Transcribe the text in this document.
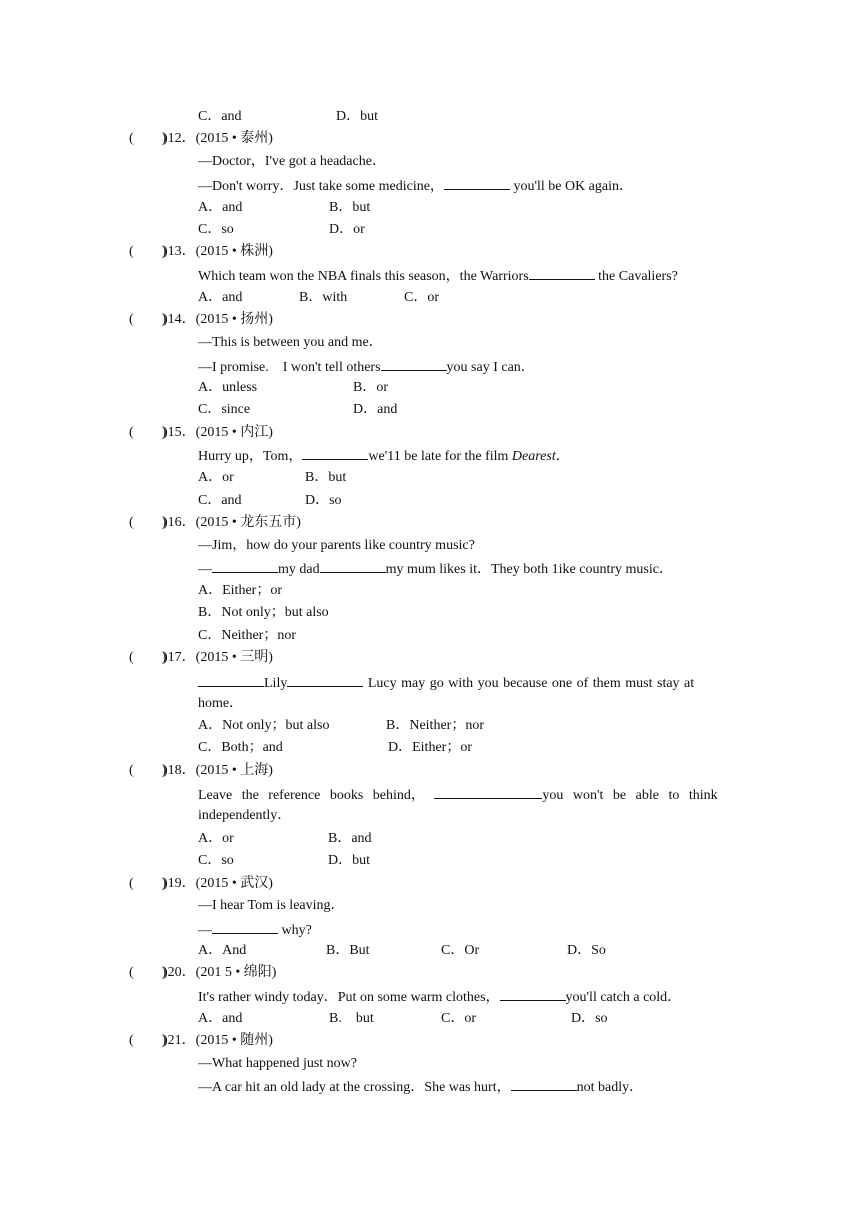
C．and	D．but
(　　)
)12．(2015 • 泰州)
—Doctor，I've got a headache．
—Don't worry．Just take some medicine，	you'll be OK again．
A．and	B．but
C．so	D．or
(　　)
)13．(2015 • 株洲)
Which team won the NBA finals this season，the Warriors	the Cavaliers?
A．and	B．with	C．or
(　　)
)14．(2015 • 扬州)
—This is between you and me．
—I promise.　I won't tell others	you say I can．
A．unless	B．or
C．since	D．and
(　　)
)15．(2015 • 内江)
Hurry up，Tom，	we'11 be late for the film Dearest．
A．or	B．but
C．and	D．so
(　　)
)16．(2015 • 龙东五市)
—Jim，how do your parents like country music?
—	my dad	my mum likes it．They both 1ike country music．
A．Either；or
B．Not only；but also
C．Neither；nor
(　　)
)17．(2015 • 三明)
Lily	Lucy may go with you because one of them must stay at
home．
A．Not only；but also	B．Neither；nor
C．Both；and	D．Either；or
(　　)
)18．(2015 • 上海)
Leave the reference books behind，	you won't be able to think
independently．
A．or	B．and
C．so	D．but
(　　)
)19．(2015 • 武汉)
—I hear Tom is leaving．
—	why?
A．And	B．But	C．Or	D．So
(　　)
)20．(201 5 • 绵阳)
It's rather windy today．Put on some warm clothes，	you'll catch a cold．
A．and	B.　but	C．or	D．so
(　　)
)21．(2015 • 随州)
—What happened just now?
—A car hit an old lady at the crossing．She was hurt，	not badly．
